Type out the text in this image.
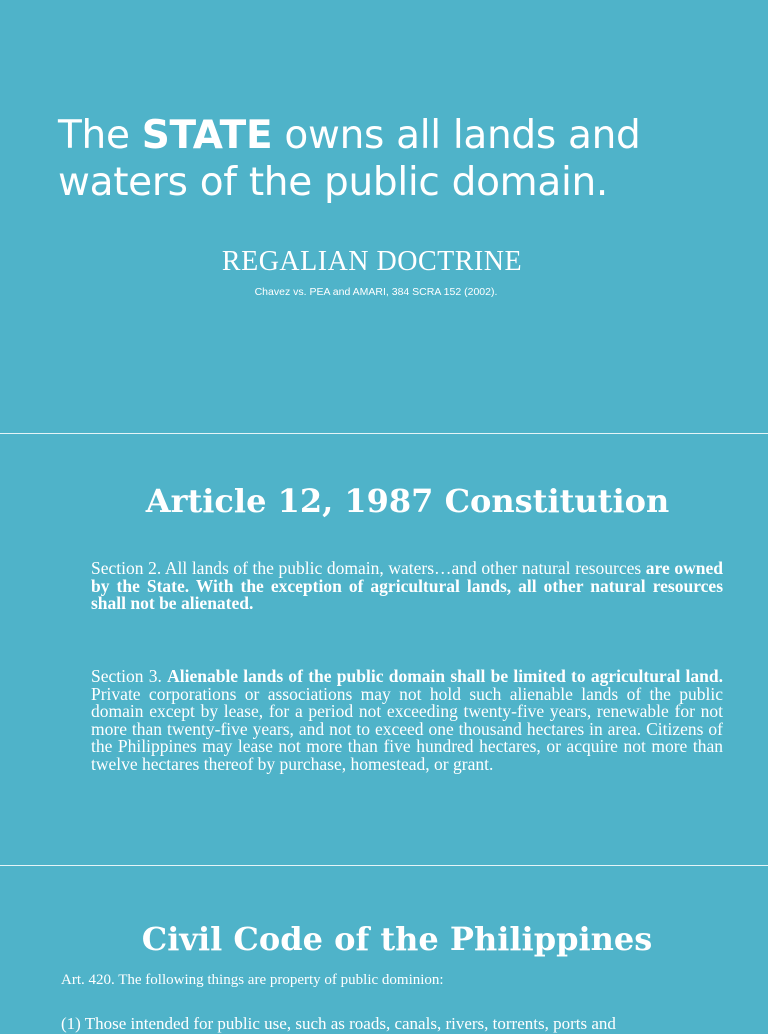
The STATE owns all lands and waters of the public domain.
REGALIAN DOCTRINE
Chavez vs. PEA and AMARI, 384 SCRA 152 (2002).
Article 12, 1987 Constitution
Section 2. All lands of the public domain, waters…and other natural resources are owned by the State. With the exception of agricultural lands, all other natural resources shall not be alienated.
Section 3. Alienable lands of the public domain shall be limited to agricultural land. Private corporations or associations may not hold such alienable lands of the public domain except by lease, for a period not exceeding twenty-five years, renewable for not more than twenty-five years, and not to exceed one thousand hectares in area. Citizens of the Philippines may lease not more than five hundred hectares, or acquire not more than twelve hectares thereof by purchase, homestead, or grant.
Civil Code of the Philippines
Art. 420. The following things are property of public dominion:
(1) Those intended for public use, such as roads, canals, rivers, torrents, ports and
